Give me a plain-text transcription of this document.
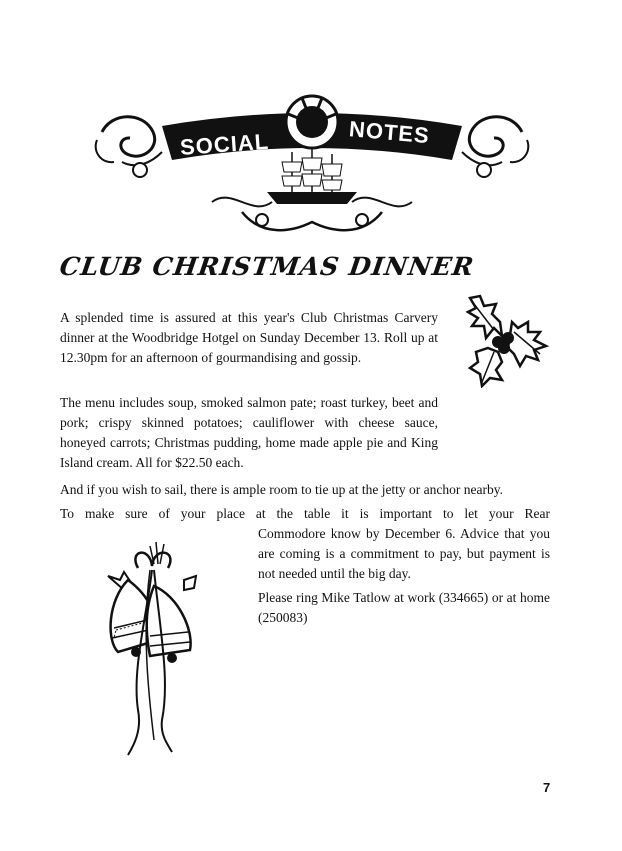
SOCIAL	NOTES
CLUB CHRISTMAS DINNER

A splended time is assured at this year's Club Christmas Carvery dinner at the Woodbridge Hotgel on Sunday December 13. Roll up at 12.30pm for an afternoon of gourmandising and gossip.

The menu includes soup, smoked salmon pate; roast turkey, beet and pork; crispy skinned potatoes; cauliflower with cheese sauce, honeyed carrots; Christmas pudding, home made apple pie and King Island cream. All for $22.50 each.

And if you wish to sail, there is ample room to tie up at the jetty or anchor nearby.

To make sure of your place at the table it is important to let your Rear

Commodore know by December 6. Advice that you are coming is a commitment to pay, but payment is not needed until the big day.

Please ring Mike Tatlow at work (334665) or at home (250083)

7
